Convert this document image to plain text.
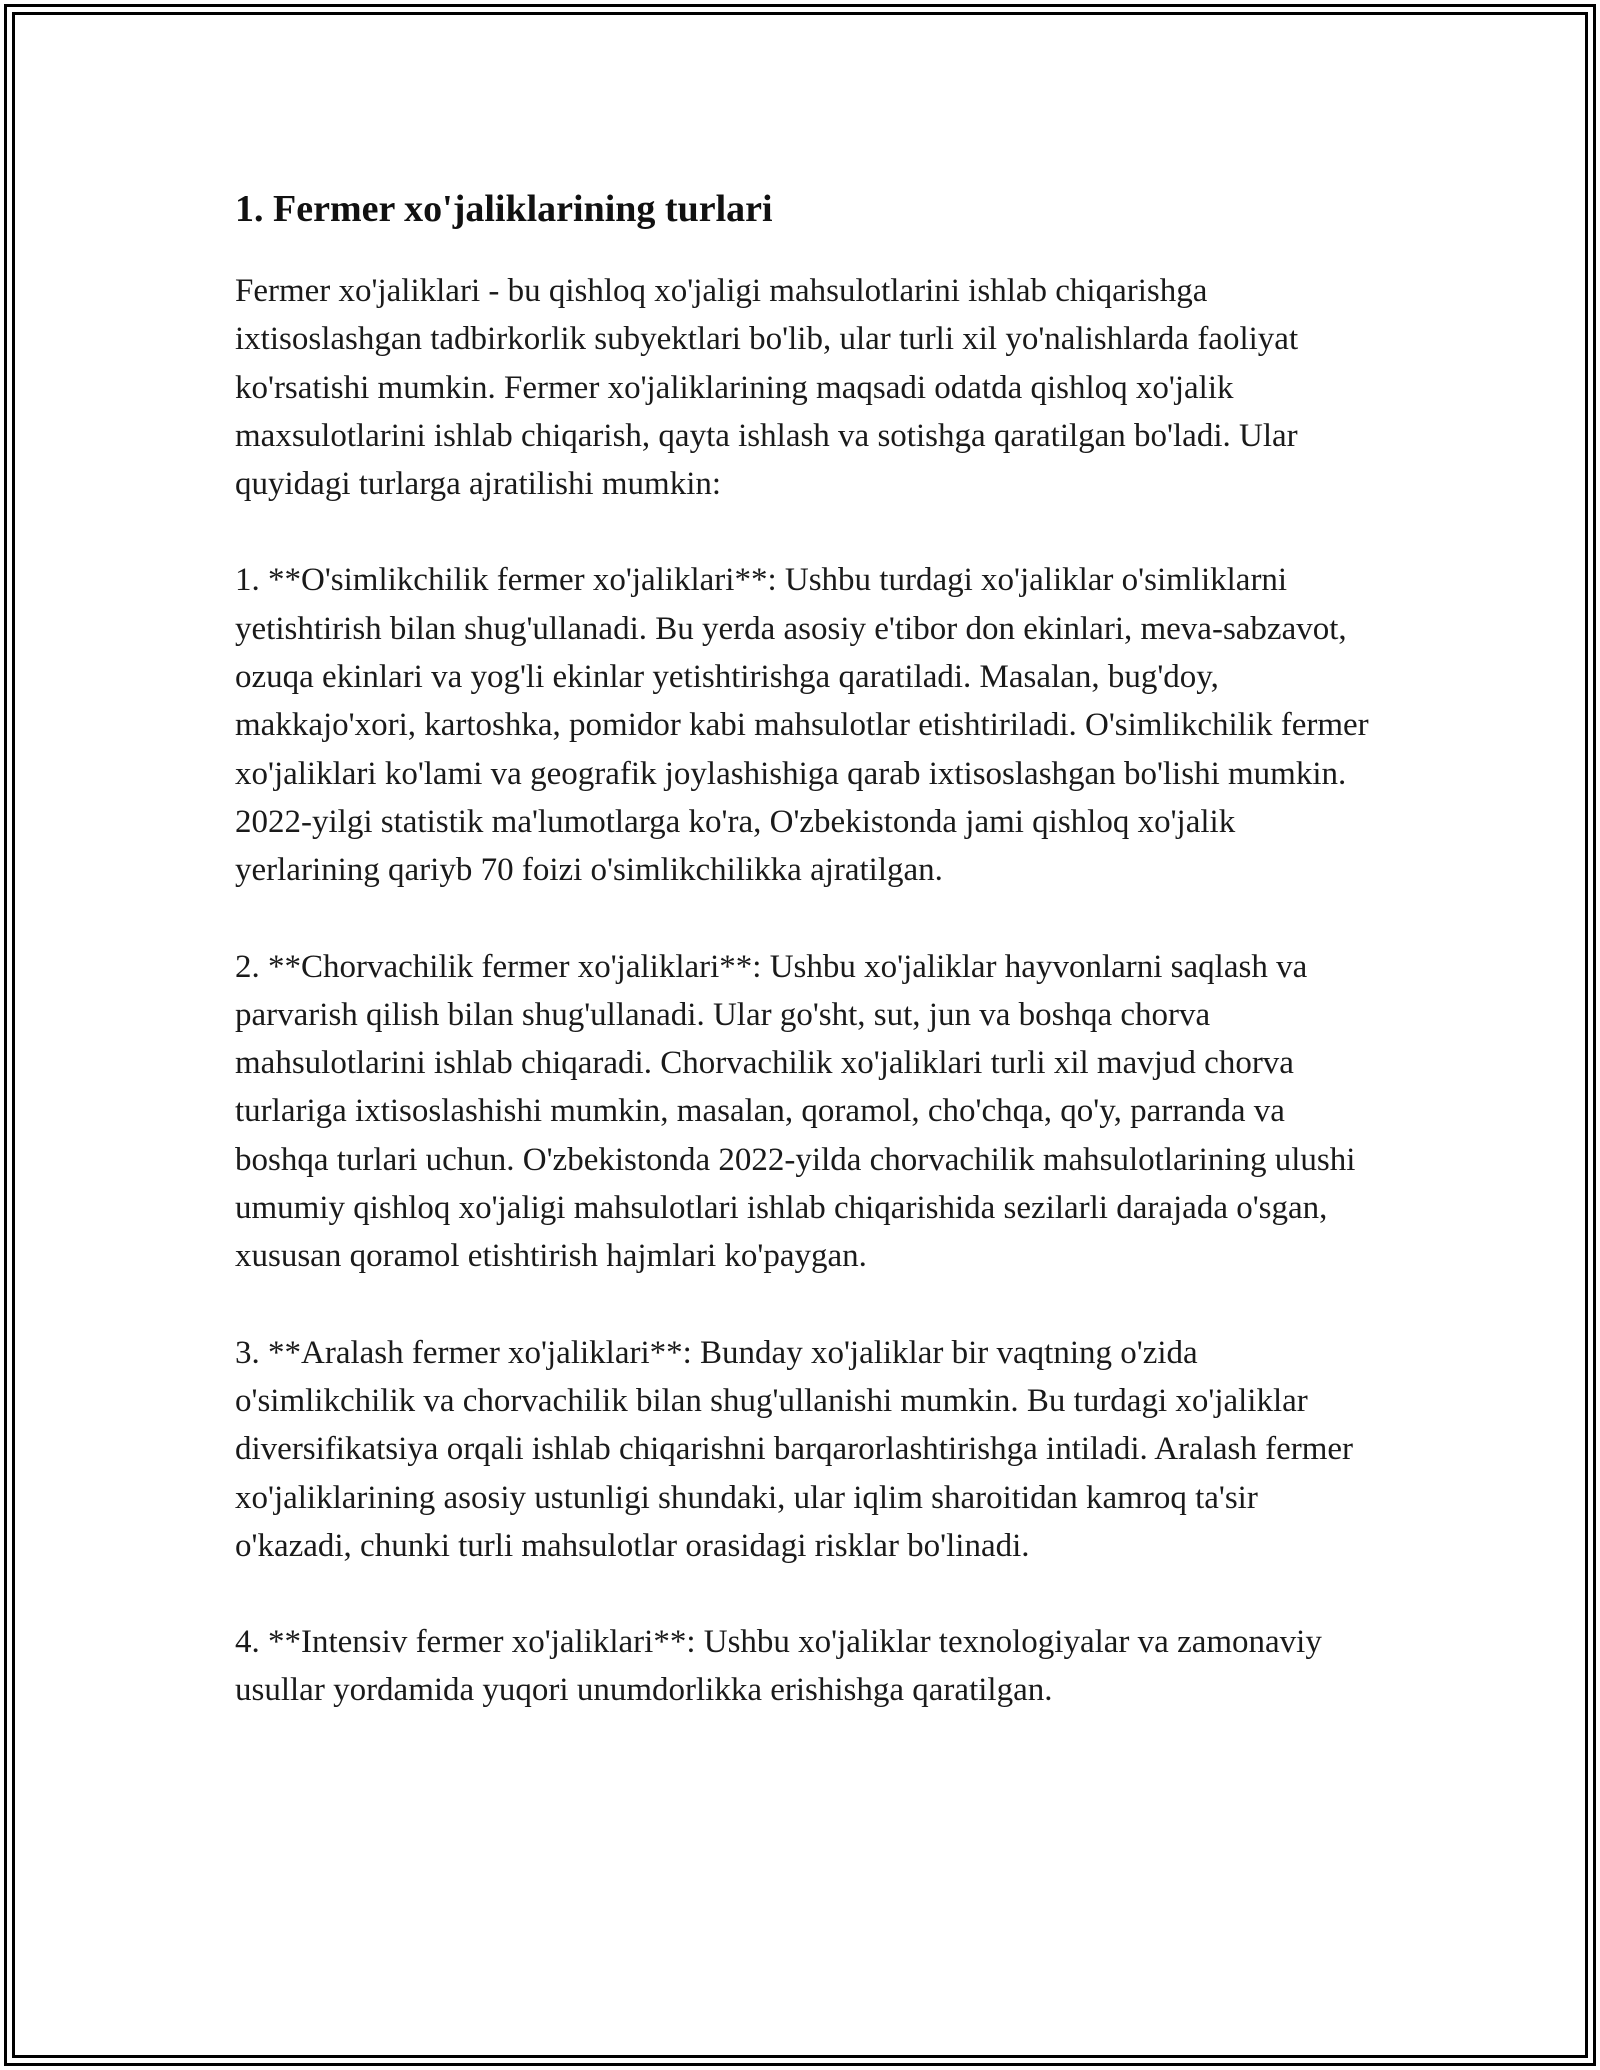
1. Fermer xo'jaliklarining turlari

Fermer xo'jaliklari - bu qishloq xo'jaligi mahsulotlarini ishlab chiqarishga ixtisoslashgan tadbirkorlik subyektlari bo'lib, ular turli xil yo'nalishlarda faoliyat ko'rsatishi mumkin. Fermer xo'jaliklarining maqsadi odatda qishloq xo'jalik maxsulotlarini ishlab chiqarish, qayta ishlash va sotishga qaratilgan bo'ladi. Ular quyidagi turlarga ajratilishi mumkin:

1. **O'simlikchilik fermer xo'jaliklari**: Ushbu turdagi xo'jaliklar o'simliklarni yetishtirish bilan shug'ullanadi. Bu yerda asosiy e'tibor don ekinlari, meva-sabzavot, ozuqa ekinlari va yog'li ekinlar yetishtirishga qaratiladi. Masalan, bug'doy, makkajo'xori, kartoshka, pomidor kabi mahsulotlar etishtiriladi. O'simlikchilik fermer xo'jaliklari ko'lami va geografik joylashishiga qarab ixtisoslashgan bo'lishi mumkin. 2022-yilgi statistik ma'lumotlarga ko'ra, O'zbekistonda jami qishloq xo'jalik yerlarining qariyb 70 foizi o'simlikchilikka ajratilgan.

2. **Chorvachilik fermer xo'jaliklari**: Ushbu xo'jaliklar hayvonlarni saqlash va parvarish qilish bilan shug'ullanadi. Ular go'sht, sut, jun va boshqa chorva mahsulotlarini ishlab chiqaradi. Chorvachilik xo'jaliklari turli xil mavjud chorva turlariga ixtisoslashishi mumkin, masalan, qoramol, cho'chqa, qo'y, parranda va boshqa turlari uchun. O'zbekistonda 2022-yilda chorvachilik mahsulotlarining ulushi umumiy qishloq xo'jaligi mahsulotlari ishlab chiqarishida sezilarli darajada o'sgan, xususan qoramol etishtirish hajmlari ko'paygan.

3. **Aralash fermer xo'jaliklari**: Bunday xo'jaliklar bir vaqtning o'zida o'simlikchilik va chorvachilik bilan shug'ullanishi mumkin. Bu turdagi xo'jaliklar diversifikatsiya orqali ishlab chiqarishni barqarorlashtirishga intiladi. Aralash fermer xo'jaliklarining asosiy ustunligi shundaki, ular iqlim sharoitidan kamroq ta'sir o'kazadi, chunki turli mahsulotlar orasidagi risklar bo'linadi.

4. **Intensiv fermer xo'jaliklari**: Ushbu xo'jaliklar texnologiyalar va zamonaviy usullar yordamida yuqori unumdorlikka erishishga qaratilgan.
